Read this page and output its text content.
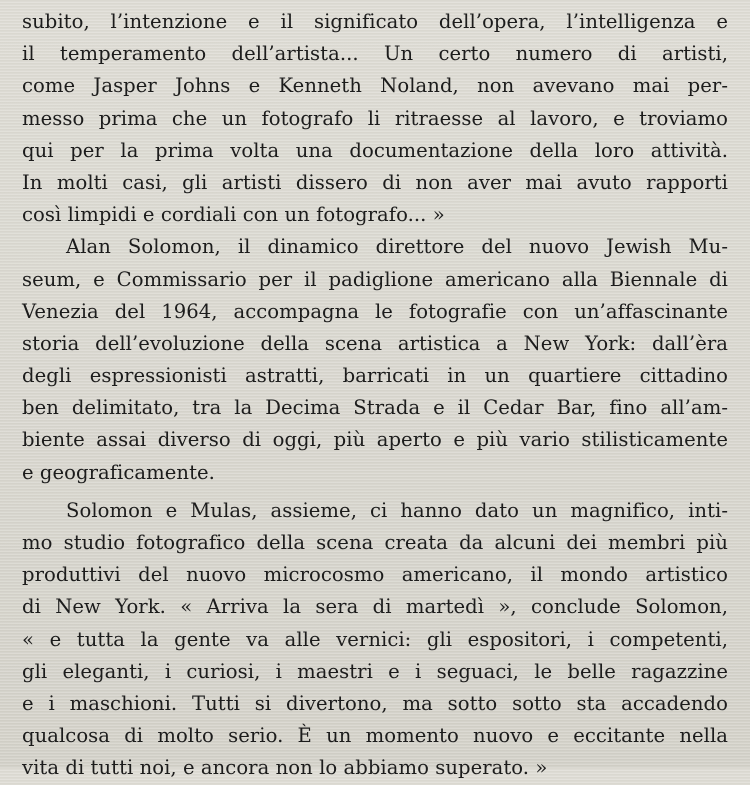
subito, l’intenzione e il significato dell’opera, l’intelligenza e
il temperamento dell’artista... Un certo numero di artisti,
come Jasper Johns e Kenneth Noland, non avevano mai per-
messo prima che un fotografo li ritraesse al lavoro, e troviamo
qui per la prima volta una documentazione della loro attività.
In molti casi, gli artisti dissero di non aver mai avuto rapporti
così limpidi e cordiali con un fotografo... »
Alan Solomon, il dinamico direttore del nuovo Jewish Mu-
seum, e Commissario per il padiglione americano alla Biennale di
Venezia del 1964, accompagna le fotografie con un’affascinante
storia dell’evoluzione della scena artistica a New York: dall’èra
degli espressionisti astratti, barricati in un quartiere cittadino
ben delimitato, tra la Decima Strada e il Cedar Bar, fino all’am-
biente assai diverso di oggi, più aperto e più vario stilisticamente
e geograficamente.
Solomon e Mulas, assieme, ci hanno dato un magnifico, inti-
mo studio fotografico della scena creata da alcuni dei membri più
produttivi del nuovo microcosmo americano, il mondo artistico
di New York. « Arriva la sera di martedì », conclude Solomon,
« e tutta la gente va alle vernici: gli espositori, i competenti,
gli eleganti, i curiosi, i maestri e i seguaci, le belle ragazzine
e i maschioni. Tutti si divertono, ma sotto sotto sta accadendo
qualcosa di molto serio. È un momento nuovo e eccitante nella
vita di tutti noi, e ancora non lo abbiamo superato. »
